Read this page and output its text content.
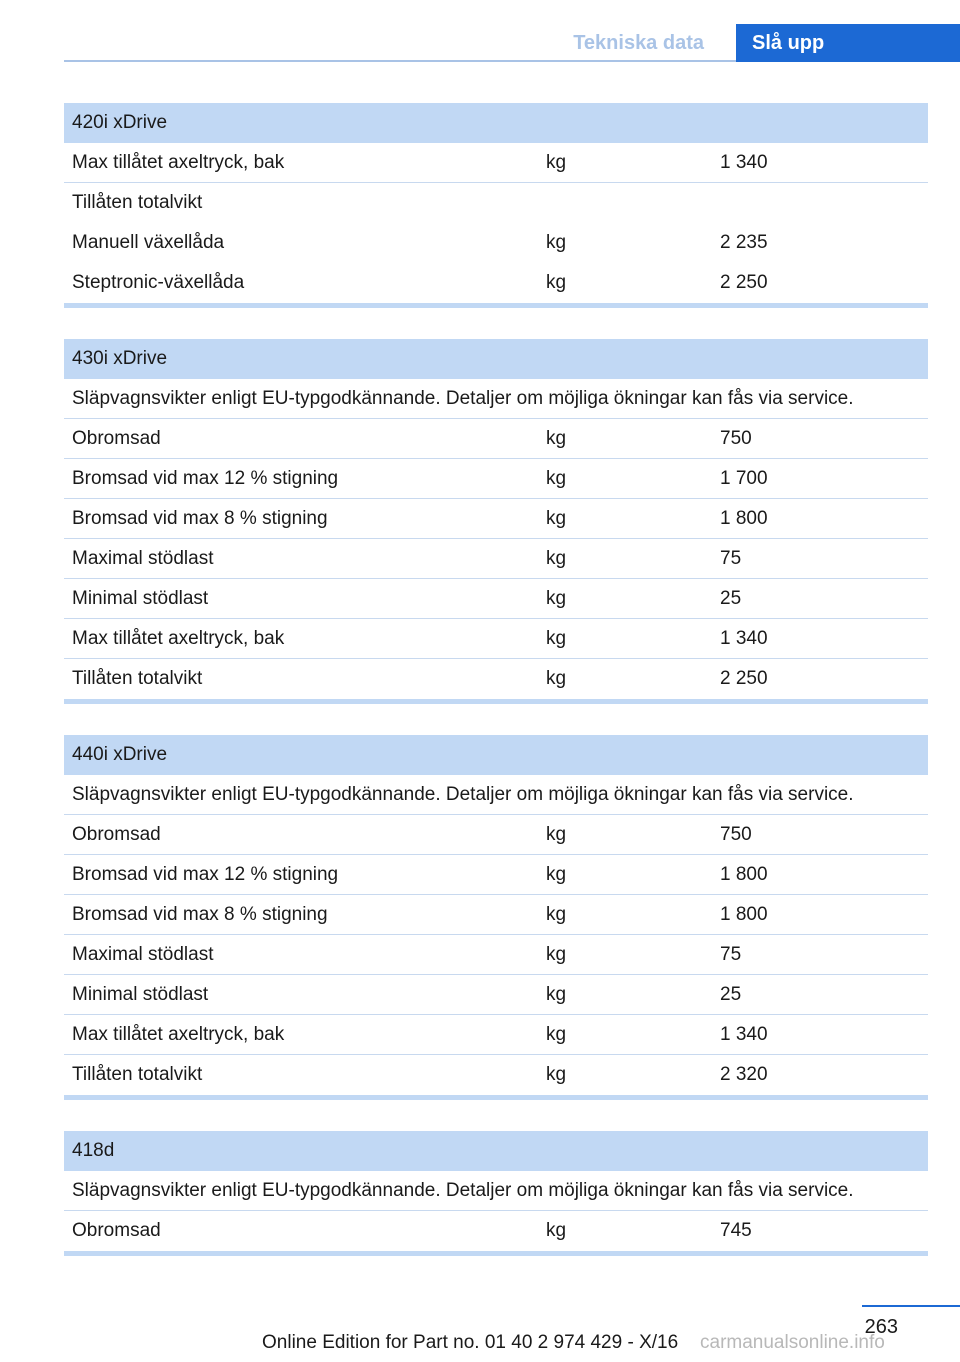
Tekniska data	Slå upp
420i xDrive
Max tillåtet axeltryck, bak	kg	1 340
Tillåten totalvikt
Manuell växellåda	kg	2 235
Steptronic-växellåda	kg	2 250
430i xDrive
Släpvagnsvikter enligt EU-typgodkännande. Detaljer om möjliga ökningar kan fås via service.
Obromsad	kg	750
Bromsad vid max 12 % stigning	kg	1 700
Bromsad vid max 8 % stigning	kg	1 800
Maximal stödlast	kg	75
Minimal stödlast	kg	25
Max tillåtet axeltryck, bak	kg	1 340
Tillåten totalvikt	kg	2 250
440i xDrive
Släpvagnsvikter enligt EU-typgodkännande. Detaljer om möjliga ökningar kan fås via service.
Obromsad	kg	750
Bromsad vid max 12 % stigning	kg	1 800
Bromsad vid max 8 % stigning	kg	1 800
Maximal stödlast	kg	75
Minimal stödlast	kg	25
Max tillåtet axeltryck, bak	kg	1 340
Tillåten totalvikt	kg	2 320
418d
Släpvagnsvikter enligt EU-typgodkännande. Detaljer om möjliga ökningar kan fås via service.
Obromsad	kg	745
263
Online Edition for Part no. 01 40 2 974 429 - X/16 carmanualsonline.info
